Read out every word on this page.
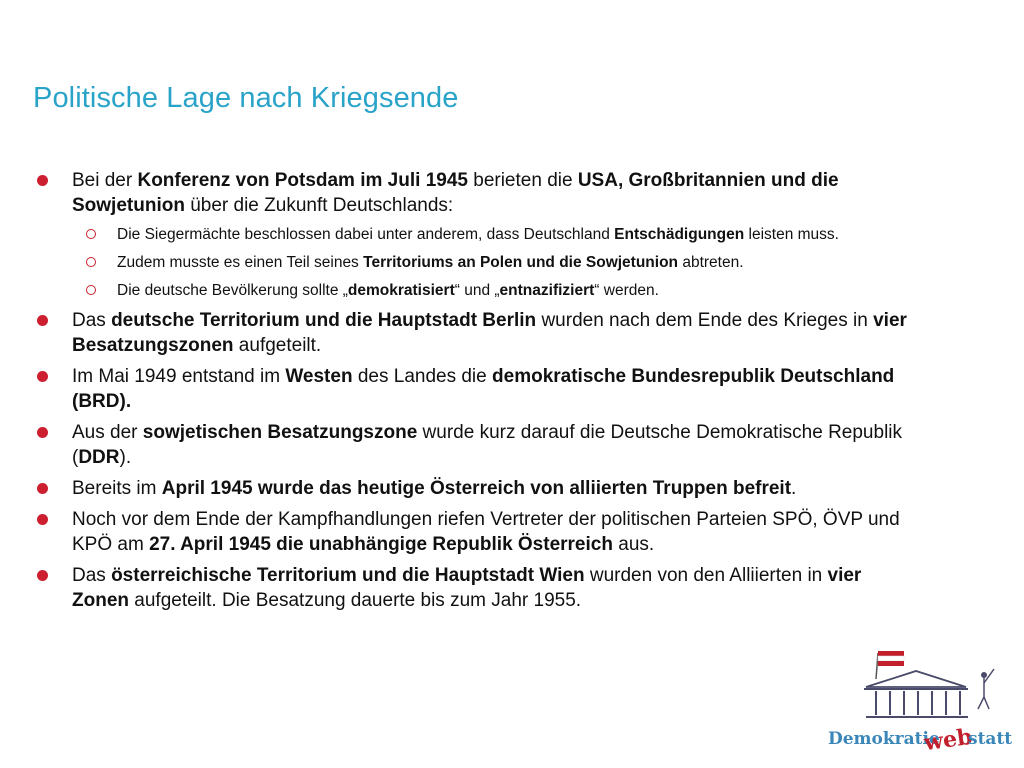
Politische Lage nach Kriegsende
Bei der Konferenz von Potsdam im Juli 1945 berieten die USA, Großbritannien und die Sowjetunion über die Zukunft Deutschlands:
Die Siegermächte beschlossen dabei unter anderem, dass Deutschland Entschädigungen leisten muss.
Zudem musste es einen Teil seines Territoriums an Polen und die Sowjetunion abtreten.
Die deutsche Bevölkerung sollte „demokratisiert“ und „entnazifiziert“ werden.
Das deutsche Territorium und die Hauptstadt Berlin wurden nach dem Ende des Krieges in vier Besatzungszonen aufgeteilt.
Im Mai 1949 entstand im Westen des Landes die demokratische Bundesrepublik Deutschland (BRD).
Aus der sowjetischen Besatzungszone wurde kurz darauf die Deutsche Demokratische Republik (DDR).
Bereits im April 1945 wurde das heutige Österreich von alliierten Truppen befreit.
Noch vor dem Ende der Kampfhandlungen riefen Vertreter der politischen Parteien SPÖ, ÖVP und KPÖ am 27. April 1945 die unabhängige Republik Österreich aus.
Das österreichische Territorium und die Hauptstadt Wien wurden von den Alliierten in vier Zonen aufgeteilt. Die Besatzung dauerte bis zum Jahr 1955.
Demokratie
web
statt
